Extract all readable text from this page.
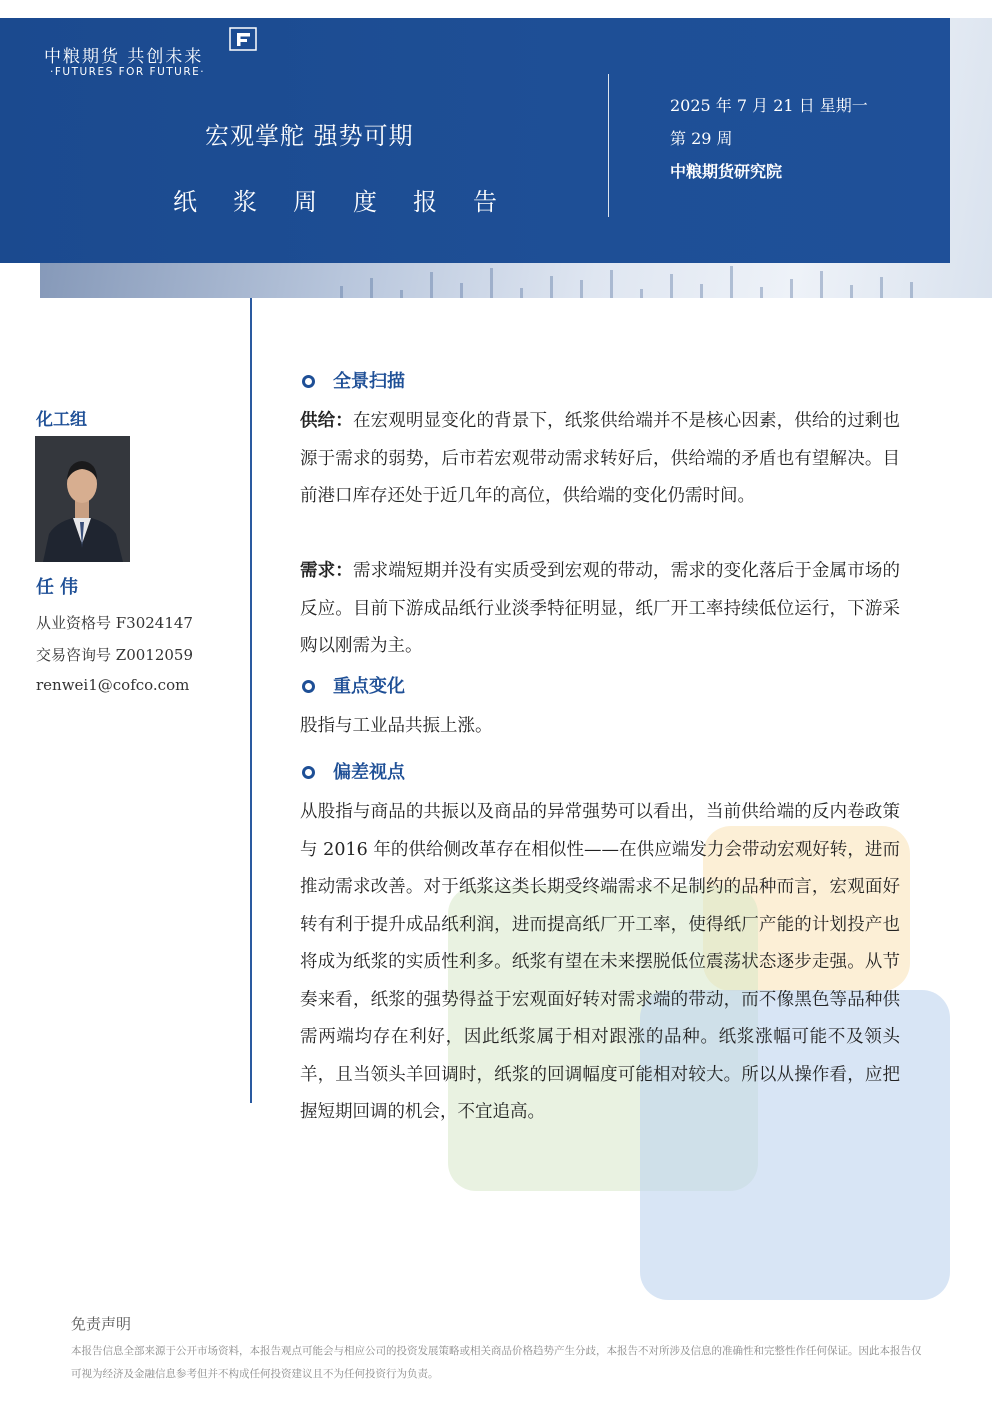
中粮期货 共创未来
·FUTURES FOR FUTURE·
宏观掌舵 强势可期
纸浆周度报告
2025 年 7 月 21 日 星期一
第 29 周
中粮期货研究院
化工组
任伟
从业资格号 F3024147
交易咨询号 Z0012059
renwei1@cofco.com
全景扫描
供给：在宏观明显变化的背景下，纸浆供给端并不是核心因素，供给的过剩也源于需求的弱势，后市若宏观带动需求转好后，供给端的矛盾也有望解决。目前港口库存还处于近几年的高位，供给端的变化仍需时间。
需求：需求端短期并没有实质受到宏观的带动，需求的变化落后于金属市场的反应。目前下游成品纸行业淡季特征明显，纸厂开工率持续低位运行，下游采购以刚需为主。
重点变化
股指与工业品共振上涨。
偏差视点
从股指与商品的共振以及商品的异常强势可以看出，当前供给端的反内卷政策与 2016 年的供给侧改革存在相似性——在供应端发力会带动宏观好转，进而推动需求改善。对于纸浆这类长期受终端需求不足制约的品种而言，宏观面好转有利于提升成品纸利润，进而提高纸厂开工率，使得纸厂产能的计划投产也将成为纸浆的实质性利多。纸浆有望在未来摆脱低位震荡状态逐步走强。从节奏来看，纸浆的强势得益于宏观面好转对需求端的带动，而不像黑色等品种供需两端均存在利好，因此纸浆属于相对跟涨的品种。纸浆涨幅可能不及领头羊，且当领头羊回调时，纸浆的回调幅度可能相对较大。所以从操作看，应把握短期回调的机会，不宜追高。
免责声明
本报告信息全部来源于公开市场资料，本报告观点可能会与相应公司的投资发展策略或相关商品价格趋势产生分歧，本报告不对所涉及信息的准确性和完整性作任何保证。因此本报告仅可视为经济及金融信息参考但并不构成任何投资建议且不为任何投资行为负责。
